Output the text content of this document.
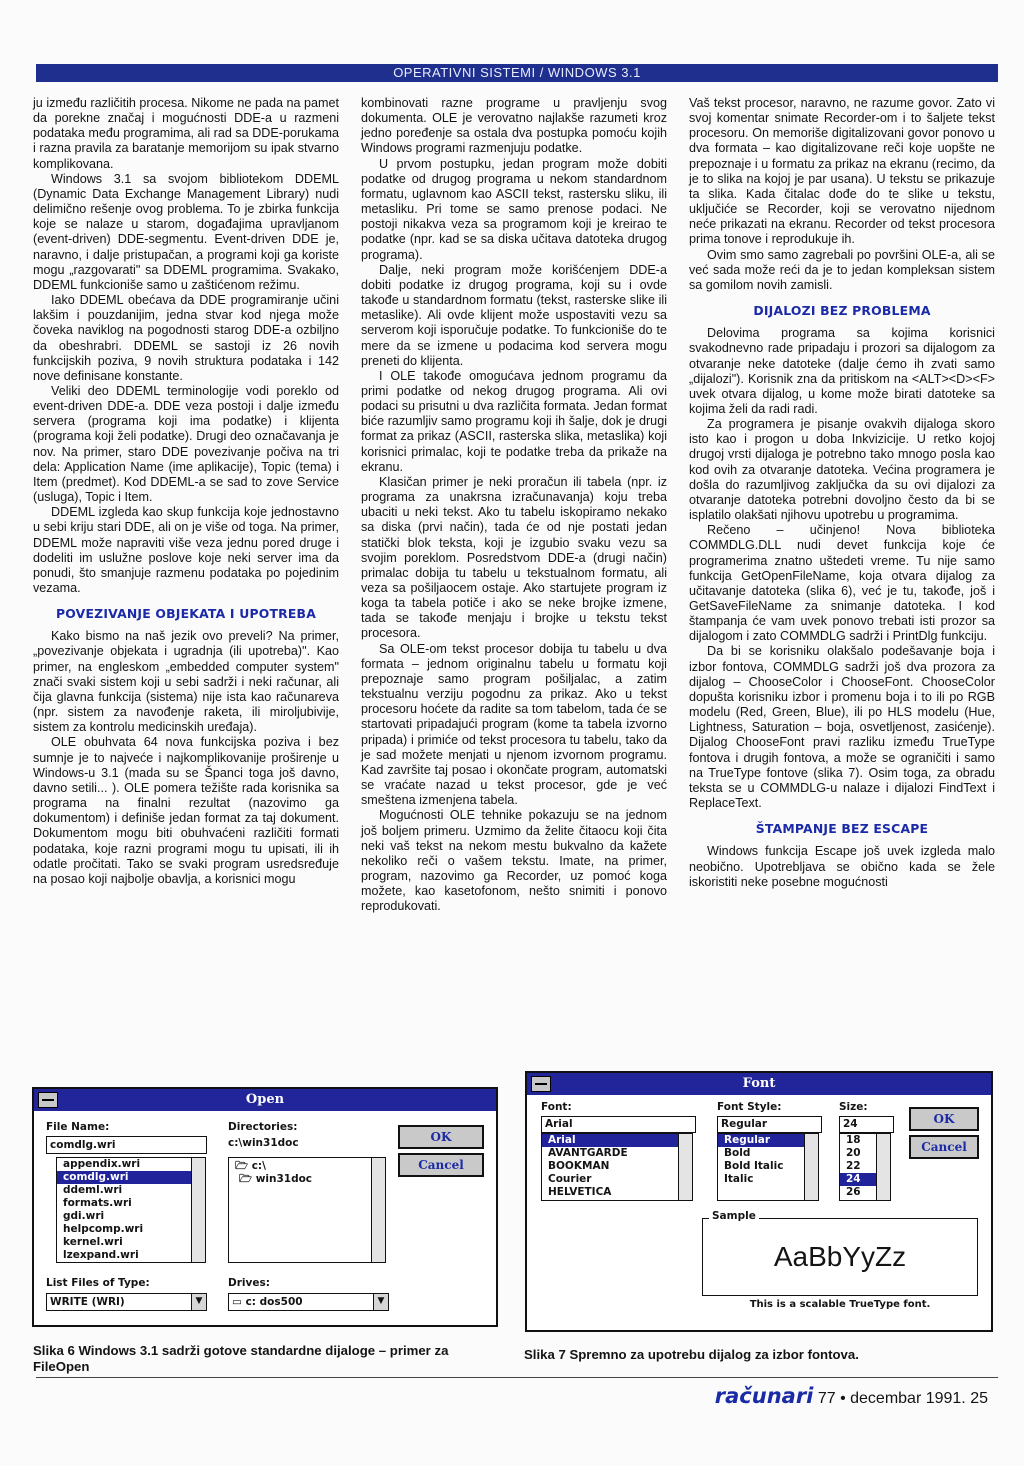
OPERATIVNI SISTEMI / WINDOWS 3.1

ju između različitih procesa. Nikome ne pada na pamet da porekne značaj i mogućnosti DDE-a u razmeni podataka među programima, ali rad sa DDE-porukama i razna pravila za baratanje memorijom su ipak stvarno komplikovana.

Windows 3.1 sa svojom bibliotekom DDEML (Dynamic Data Exchange Management Library) nudi delimično rešenje ovog problema. To je zbirka funkcija koje se nalaze u starom, događajima upravljanom (event-driven) DDE-segmentu. Event-driven DDE je, naravno, i dalje pristupačan, a programi koji ga koriste mogu „razgovarati" sa DDEML programima. Svakako, DDEML funkcioniše samo u zaštićenom režimu.

Iako DDEML obećava da DDE programiranje učini lakšim i pouzdanijim, jedna stvar kod njega može čoveka naviklog na pogodnosti starog DDE-a ozbiljno da obeshrabri. DDEML se sastoji iz 26 novih funkcijskih poziva, 9 novih struktura podataka i 142 nove definisane konstante.

Veliki deo DDEML terminologije vodi poreklo od event-driven DDE-a. DDE veza postoji i dalje između servera (programa koji ima podatke) i klijenta (programa koji želi podatke). Drugi deo označavanja je nov. Na primer, staro DDE povezivanje počiva na tri dela: Application Name (ime aplikacije), Topic (tema) i Item (predmet). Kod DDEML-a se sad to zove Service (usluga), Topic i Item.

DDEML izgleda kao skup funkcija koje jednostavno u sebi kriju stari DDE, ali on je više od toga. Na primer, DDEML može napraviti više veza jednu pored druge i dodeliti im uslužne poslove koje neki server ima da ponudi, što smanjuje razmenu podataka po pojedinim vezama.

POVEZIVANJE OBJEKATA I UPOTREBA

Kako bismo na naš jezik ovo preveli? Na primer, „povezivanje objekata i ugradnja (ili upotreba)". Kao primer, na engleskom „embedded computer system" znači svaki sistem koji u sebi sadrži i neki računar, ali čija glavna funkcija (sistema) nije ista kao računareva (npr. sistem za navođenje raketa, ili miroljubivije, sistem za kontrolu medicinskih uređaja).

OLE obuhvata 64 nova funkcijska poziva i bez sumnje je to najveće i najkomplikovanije proširenje u Windows-u 3.1 (mada su se Španci toga još davno, davno setili... ). OLE pomera težište rada korisnika sa programa na finalni rezultat (nazovimo ga dokumentom) i definiše jedan format za taj dokument. Dokumentom mogu biti obuhvaćeni različiti formati podataka, koje razni programi mogu tu upisati, ili ih odatle pročitati. Tako se svaki program usredsređuje na posao koji najbolje obavlja, a korisnici mogu

kombinovati razne programe u pravljenju svog dokumenta. OLE je verovatno najlakše razumeti kroz jedno poređenje sa ostala dva postupka pomoću kojih Windows programi razmenjuju podatke.

U prvom postupku, jedan program može dobiti podatke od drugog programa u nekom standardnom formatu, uglavnom kao ASCII tekst, rastersku sliku, ili metasliku. Pri tome se samo prenose podaci. Ne postoji nikakva veza sa programom koji je kreirao te podatke (npr. kad se sa diska učitava datoteka drugog programa).

Dalje, neki program može korišćenjem DDE-a dobiti podatke iz drugog programa, koji su i ovde takođe u standardnom formatu (tekst, rasterske slike ili metaslike). Ali ovde klijent može uspostaviti vezu sa serverom koji isporučuje podatke. To funkcioniše do te mere da se izmene u podacima kod servera mogu preneti do klijenta.

I OLE takođe omogućava jednom programu da primi podatke od nekog drugog programa. Ali ovi podaci su prisutni u dva različita formata. Jedan format biće razumljiv samo programu koji ih šalje, dok je drugi format za prikaz (ASCII, rasterska slika, metaslika) koji korisnici primalac, koji te podatke treba da prikaže na ekranu.

Klasičan primer je neki proračun ili tabela (npr. iz programa za unakrsna izračunavanja) koju treba ubaciti u neki tekst. Ako tu tabelu iskopiramo nekako sa diska (prvi način), tada će od nje postati jedan statički blok teksta, koji je izgubio svaku vezu sa svojim poreklom. Posredstvom DDE-a (drugi način) primalac dobija tu tabelu u tekstualnom formatu, ali veza sa pošiljaocem ostaje. Ako startujete program iz koga ta tabela potiče i ako se neke brojke izmene, tada se takođe menjaju i brojke u tekstu tekst procesora.

Sa OLE-om tekst procesor dobija tu tabelu u dva formata – jednom originalnu tabelu u formatu koji prepoznaje samo program pošiljalac, a zatim tekstualnu verziju pogodnu za prikaz. Ako u tekst procesoru hoćete da radite sa tom tabelom, tada će se startovati pripadajući program (kome ta tabela izvorno pripada) i primiće od tekst procesora tu tabelu, tako da je sad možete menjati u njenom izvornom programu. Kad završite taj posao i okončate program, automatski se vraćate nazad u tekst procesor, gde je već smeštena izmenjena tabela.

Mogućnosti OLE tehnike pokazuju se na jednom još boljem primeru. Uzmimo da želite čitaocu koji čita neki vaš tekst na nekom mestu bukvalno da kažete nekoliko reči o vašem tekstu. Imate, na primer, program, nazovimo ga Recorder, uz pomoć koga možete, kao kasetofonom, nešto snimiti i ponovo reprodukovati.

Vaš tekst procesor, naravno, ne razume govor. Zato vi svoj komentar snimate Recorder-om i to šaljete tekst procesoru. On memoriše digitalizovani govor ponovo u dva formata – kao digitalizovane reči koje uopšte ne prepoznaje i u formatu za prikaz na ekranu (recimo, da je to slika na kojoj je par usana). U tekstu se prikazuje ta slika. Kada čitalac dođe do te slike u tekstu, uključiće se Recorder, koji se verovatno nijednom neće prikazati na ekranu. Recorder od tekst procesora prima tonove i reprodukuje ih.

Ovim smo samo zagrebali po površini OLE-a, ali se već sada može reći da je to jedan kompleksan sistem sa gomilom novih zamisli.

DIJALOZI BEZ PROBLEMA

Delovima programa sa kojima korisnici svakodnevno rade pripadaju i prozori sa dijalogom za otvaranje neke datoteke (dalje ćemo ih zvati samo „dijalozi"). Korisnik zna da pritiskom na <ALT><D><F> uvek otvara dijalog, u kome može birati datoteke sa kojima želi da radi radi.

Za programera je pisanje ovakvih dijaloga skoro isto kao i progon u doba Inkvizicije. U retko kojoj drugoj vrsti dijaloga je potrebno tako mnogo posla kao kod ovih za otvaranje datoteka. Većina programera je došla do razumljivog zaključka da su ovi dijalozi za otvaranje datoteka potrebni dovoljno često da bi se isplatilo olakšati njihovu upotrebu u programima.

Rečeno – učinjeno! Nova biblioteka COMMDLG.DLL nudi devet funkcija koje će programerima znatno uštedeti vreme. Tu nije samo funkcija GetOpenFileName, koja otvara dijalog za učitavanje datoteka (slika 6), već je tu, takođe, još i GetSaveFileName za snimanje datoteka. I kod štampanja će vam uvek ponovo trebati isti prozor sa dijalogom i zato COMMDLG sadrži i PrintDlg funkciju.

Da bi se korisniku olakšalo podešavanje boja i izbor fontova, COMMDLG sadrži još dva prozora za dijalog – ChooseColor i ChooseFont. ChooseColor dopušta korisniku izbor i promenu boja i to ili po RGB modelu (Red, Green, Blue), ili po HLS modelu (Hue, Lightness, Saturation – boja, osvetljenost, zasićenje). Dijalog ChooseFont pravi razliku između TrueType fontova i drugih fontova, a može se ograničiti i samo na TrueType fontove (slika 7). Osim toga, za obradu teksta se u COMMDLG-u nalaze i dijalozi FindText i ReplaceText.

ŠTAMPANJE BEZ ESCAPE

Windows funkcija Escape još uvek izgleda malo neobično. Upotrebljava se obično kada se žele iskoristiti neke posebne mogućnosti

Open
File Name:
comdlg.wri
appendix.wri
comdlg.wri
ddeml.wri
formats.wri
gdi.wri
helpcomp.wri
kernel.wri
lzexpand.wri
Directories:
c:\win31doc
🗁 c:\
🗁 win31doc
OK
Cancel
List Files of Type:
WRITE (WRI)	▼
Drives:
▭ c: dos500	▼
Font
Font:
Arial
Arial
AVANTGARDE
BOOKMAN
Courier
HELVETICA
Font Style:
Regular
Regular
Bold
Bold Italic
Italic
Size:
24
18
20
22
24
26
OK
Cancel
Sample
AaBbYyZz
This is a scalable TrueType font.
Slika 6 Windows 3.1 sadrži gotove standardne dijaloge – primer za FileOpen
Slika 7 Spremno za upotrebu dijalog za izbor fontova.
računari 77 • decembar 1991. 25
